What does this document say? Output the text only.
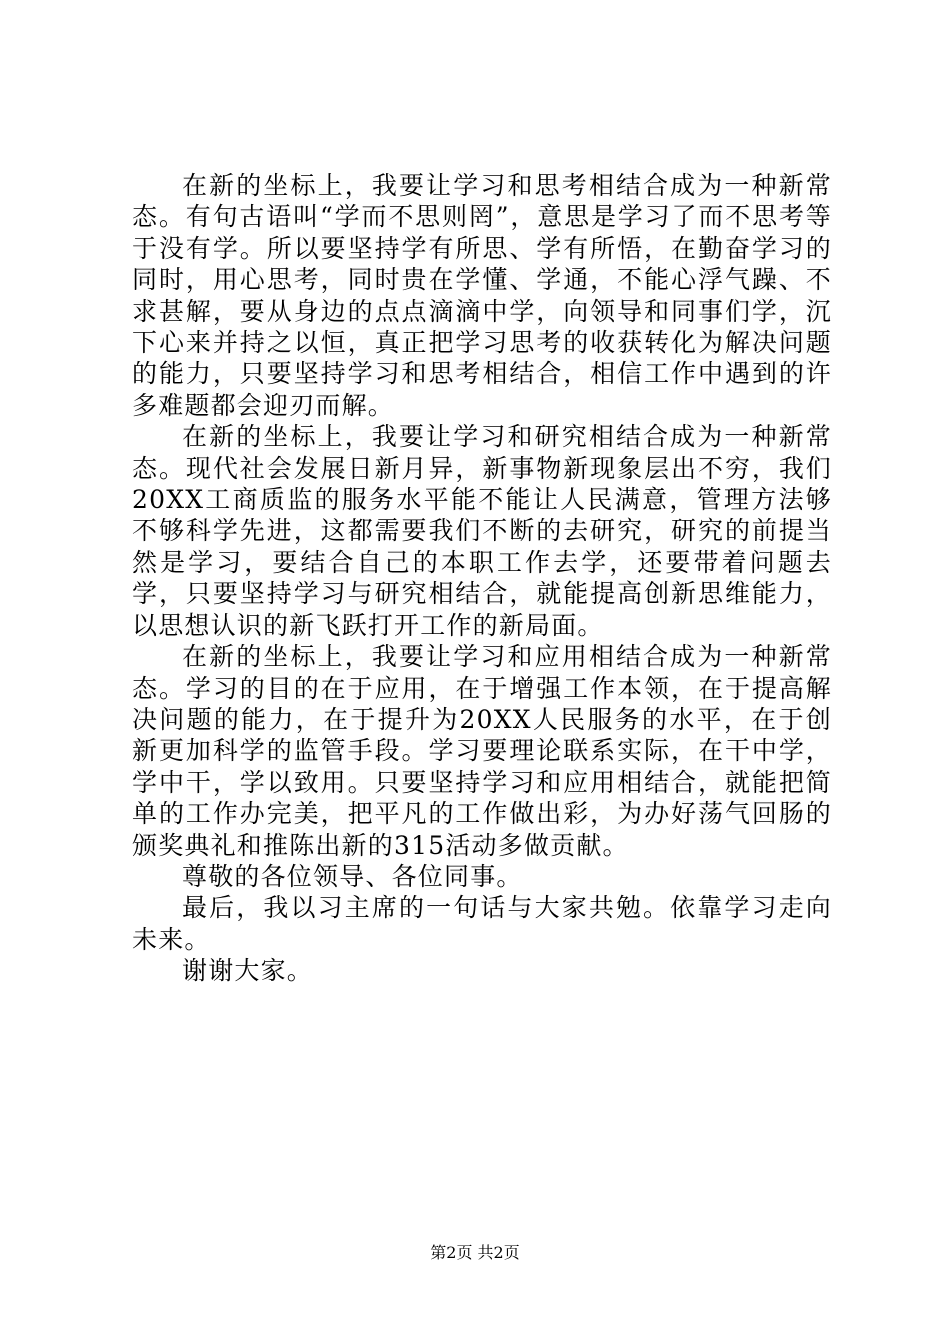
在新的坐标上，我要让学习和思考相结合成为一种新常态。有句古语叫“学而不思则罔”，意思是学习了而不思考等于没有学。所以要坚持学有所思、学有所悟，在勤奋学习的同时，用心思考，同时贵在学懂、学通，不能心浮气躁、不求甚解，要从身边的点点滴滴中学，向领导和同事们学，沉下心来并持之以恒，真正把学习思考的收获转化为解决问题的能力，只要坚持学习和思考相结合，相信工作中遇到的许多难题都会迎刃而解。

在新的坐标上，我要让学习和研究相结合成为一种新常态。现代社会发展日新月异，新事物新现象层出不穷，我们20XX工商质监的服务水平能不能让人民满意，管理方法够不够科学先进，这都需要我们不断的去研究，研究的前提当然是学习，要结合自己的本职工作去学，还要带着问题去学，只要坚持学习与研究相结合，就能提高创新思维能力，以思想认识的新飞跃打开工作的新局面。

在新的坐标上，我要让学习和应用相结合成为一种新常态。学习的目的在于应用，在于增强工作本领，在于提高解决问题的能力，在于提升为20XX人民服务的水平，在于创新更加科学的监管手段。学习要理论联系实际，在干中学，学中干，学以致用。只要坚持学习和应用相结合，就能把简单的工作办完美，把平凡的工作做出彩，为办好荡气回肠的颁奖典礼和推陈出新的315活动多做贡献。

尊敬的各位领导、各位同事。

最后，我以习主席的一句话与大家共勉。依靠学习走向未来。

谢谢大家。

第2页 共2页
